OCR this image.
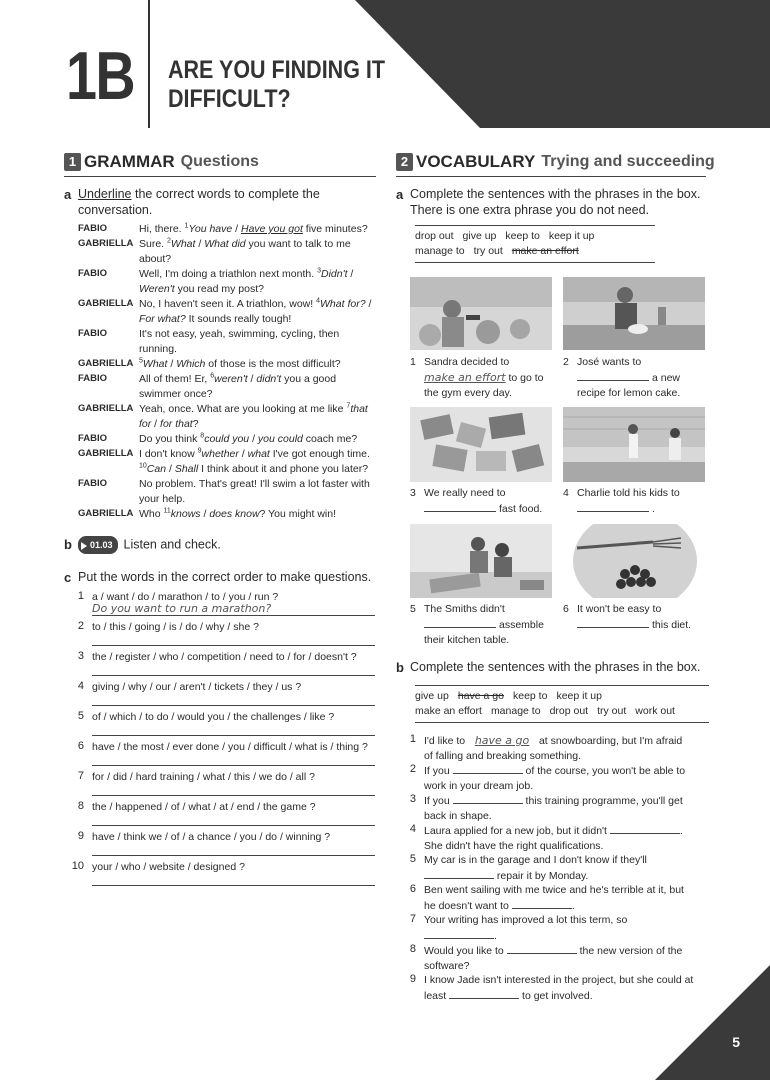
1B ARE YOU FINDING IT
DIFFICULT?
1 GRAMMAR Questions
a Underline the correct words to complete the
conversation.
FABIO	Hi, there. $^1$You have / Have you got five minutes?
GABRIELLA Sure. $^2$What / What did you want to talk to me about?
FABIO	Well, I'm doing a triathlon next month. $^3$Didn't / Weren't you read my post?
GABRIELLA No, I haven't seen it. A triathlon, wow! $^4$What for? / For what? It sounds really tough!
FABIO	It's not easy, yeah, swimming, cycling, then running.
GABRIELLA $^5$What / Which of those is the most difficult?
FABIO	All of them! Er, $^6$weren't / didn't you a good swimmer once?
GABRIELLA Yeah, once. What are you looking at me like $^7$that for / for that?
FABIO	Do you think $^8$could you / you could coach me?
GABRIELLA I don't know $^9$whether / what I've got enough time.
$^{10}$Can / Shall I think about it and phone you later?
FABIO	No problem. That's great! I'll swim a lot faster with your help.
GABRIELLA Who $^{11}$knows / does know? You might win!
b	01.03 Listen and check.
c Put the words in the correct order to make questions.
1 a / want / do / marathon / to / you / run ?
Do you want to run a marathon?
2 to / this / going / is / do / why / she ?
3 the / register / who / competition / need to / for / doesn't ?
4 giving / why / our / aren't / tickets / they / us ?
5 of / which / to do / would you / the challenges / like ?
6 have / the most / ever done / you / difficult / what is / thing ?
7 for / did / hard training / what / this / we do / all ?
8 the / happened / of / what / at / end / the game ?
9 have / think we / of / a chance / you / do / winning ?
10 your / who / website / designed ?
2 VOCABULARY Trying and succeeding
a Complete the sentences with the phrases in the box.
There is one extra phrase you do not need.
drop out give up keep to keep it up
manage to try out make an effort
1 Sandra decided to
make an effort to go to
the gym every day.
2 José wants to
a new
recipe for lemon cake.
3 We really need to
fast food.
4 Charlie told his kids to
.
5 The Smiths didn't
assemble
their kitchen table.
6 It won't be easy to
this diet.
b Complete the sentences with the phrases in the box.
give up have a go keep to keep it up
make an effort manage to drop out try out work out
1 I'd like to have a go at snowboarding, but I'm afraid
of falling and breaking something.
2 If you	of the course, you won't be able to
work in your dream job.
3 If you	this training programme, you'll get
back in shape.
4 Laura applied for a new job, but it didn't	.
She didn't have the right qualifications.
5 My car is in the garage and I don't know if they'll
repair it by Monday.
6 Ben went sailing with me twice and he's terrible at it, but
he doesn't want to	.
7 Your writing has improved a lot this term, so
.
8 Would you like to	the new version of the
software?
9 I know Jade isn't interested in the project, but she could at
least	to get involved.
5
